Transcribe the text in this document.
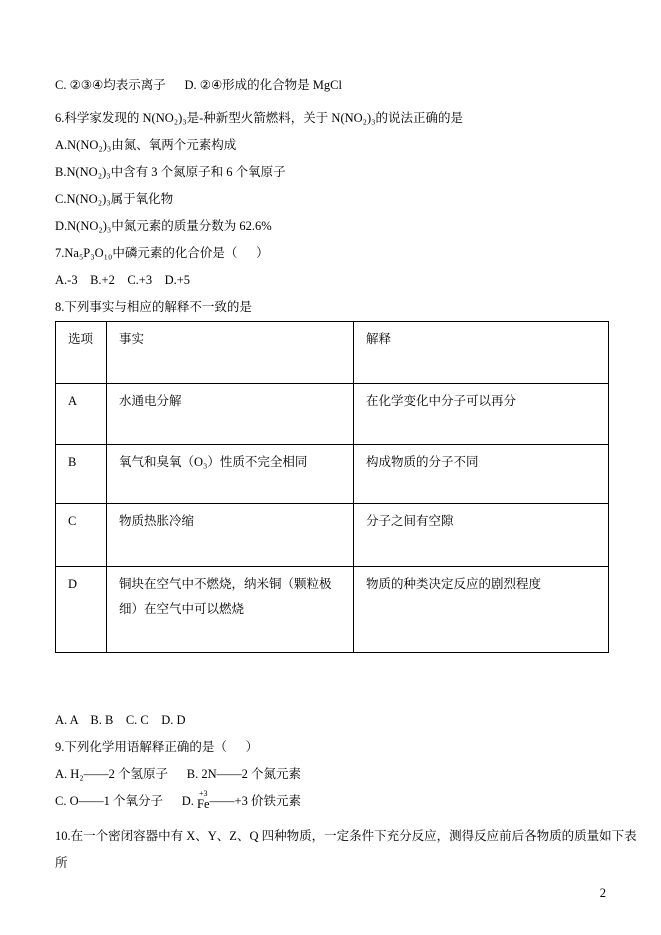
C. ②③④均表示离子      D. ②④形成的化合物是 MgCl

6.科学家发现的 N(NO₂)₃是-种新型火箭燃料，关于 N(NO₂)₃的说法正确的是

A.N(NO₂)₃由氮、氧两个元素构成

B.N(NO₂)₃中含有 3 个氮原子和 6 个氧原子

C.N(NO₂)₃属于氧化物

D.N(NO₂)₃中氮元素的质量分数为 62.6%

7.Na₅P₃O₁₀中磷元素的化合价是（      ）

A.-3    B.+2    C.+3    D.+5

8.下列事实与相应的解释不一致的是

选项	事实	解释
A	水通电分解	在化学变化中分子可以再分
B	氧气和臭氧（O₃）性质不完全相同	构成物质的分子不同
C	物质热胀冷缩	分子之间有空隙
D	铜块在空气中不燃烧，纳米铜（颗粒极细）在空气中可以燃烧	物质的种类决定反应的剧烈程度

A. A    B. B    C. C    D. D

9.下列化学用语解释正确的是（      ）

A. H₂——2 个氢原子      B. 2N——2 个氮元素

C. O——1 个氧分子      D.
+3
Fe ——+3 价铁元素

10.在一个密闭容器中有 X、Y、Z、Q 四种物质，一定条件下充分反应，测得反应前后各物质的质量如下表所

2
